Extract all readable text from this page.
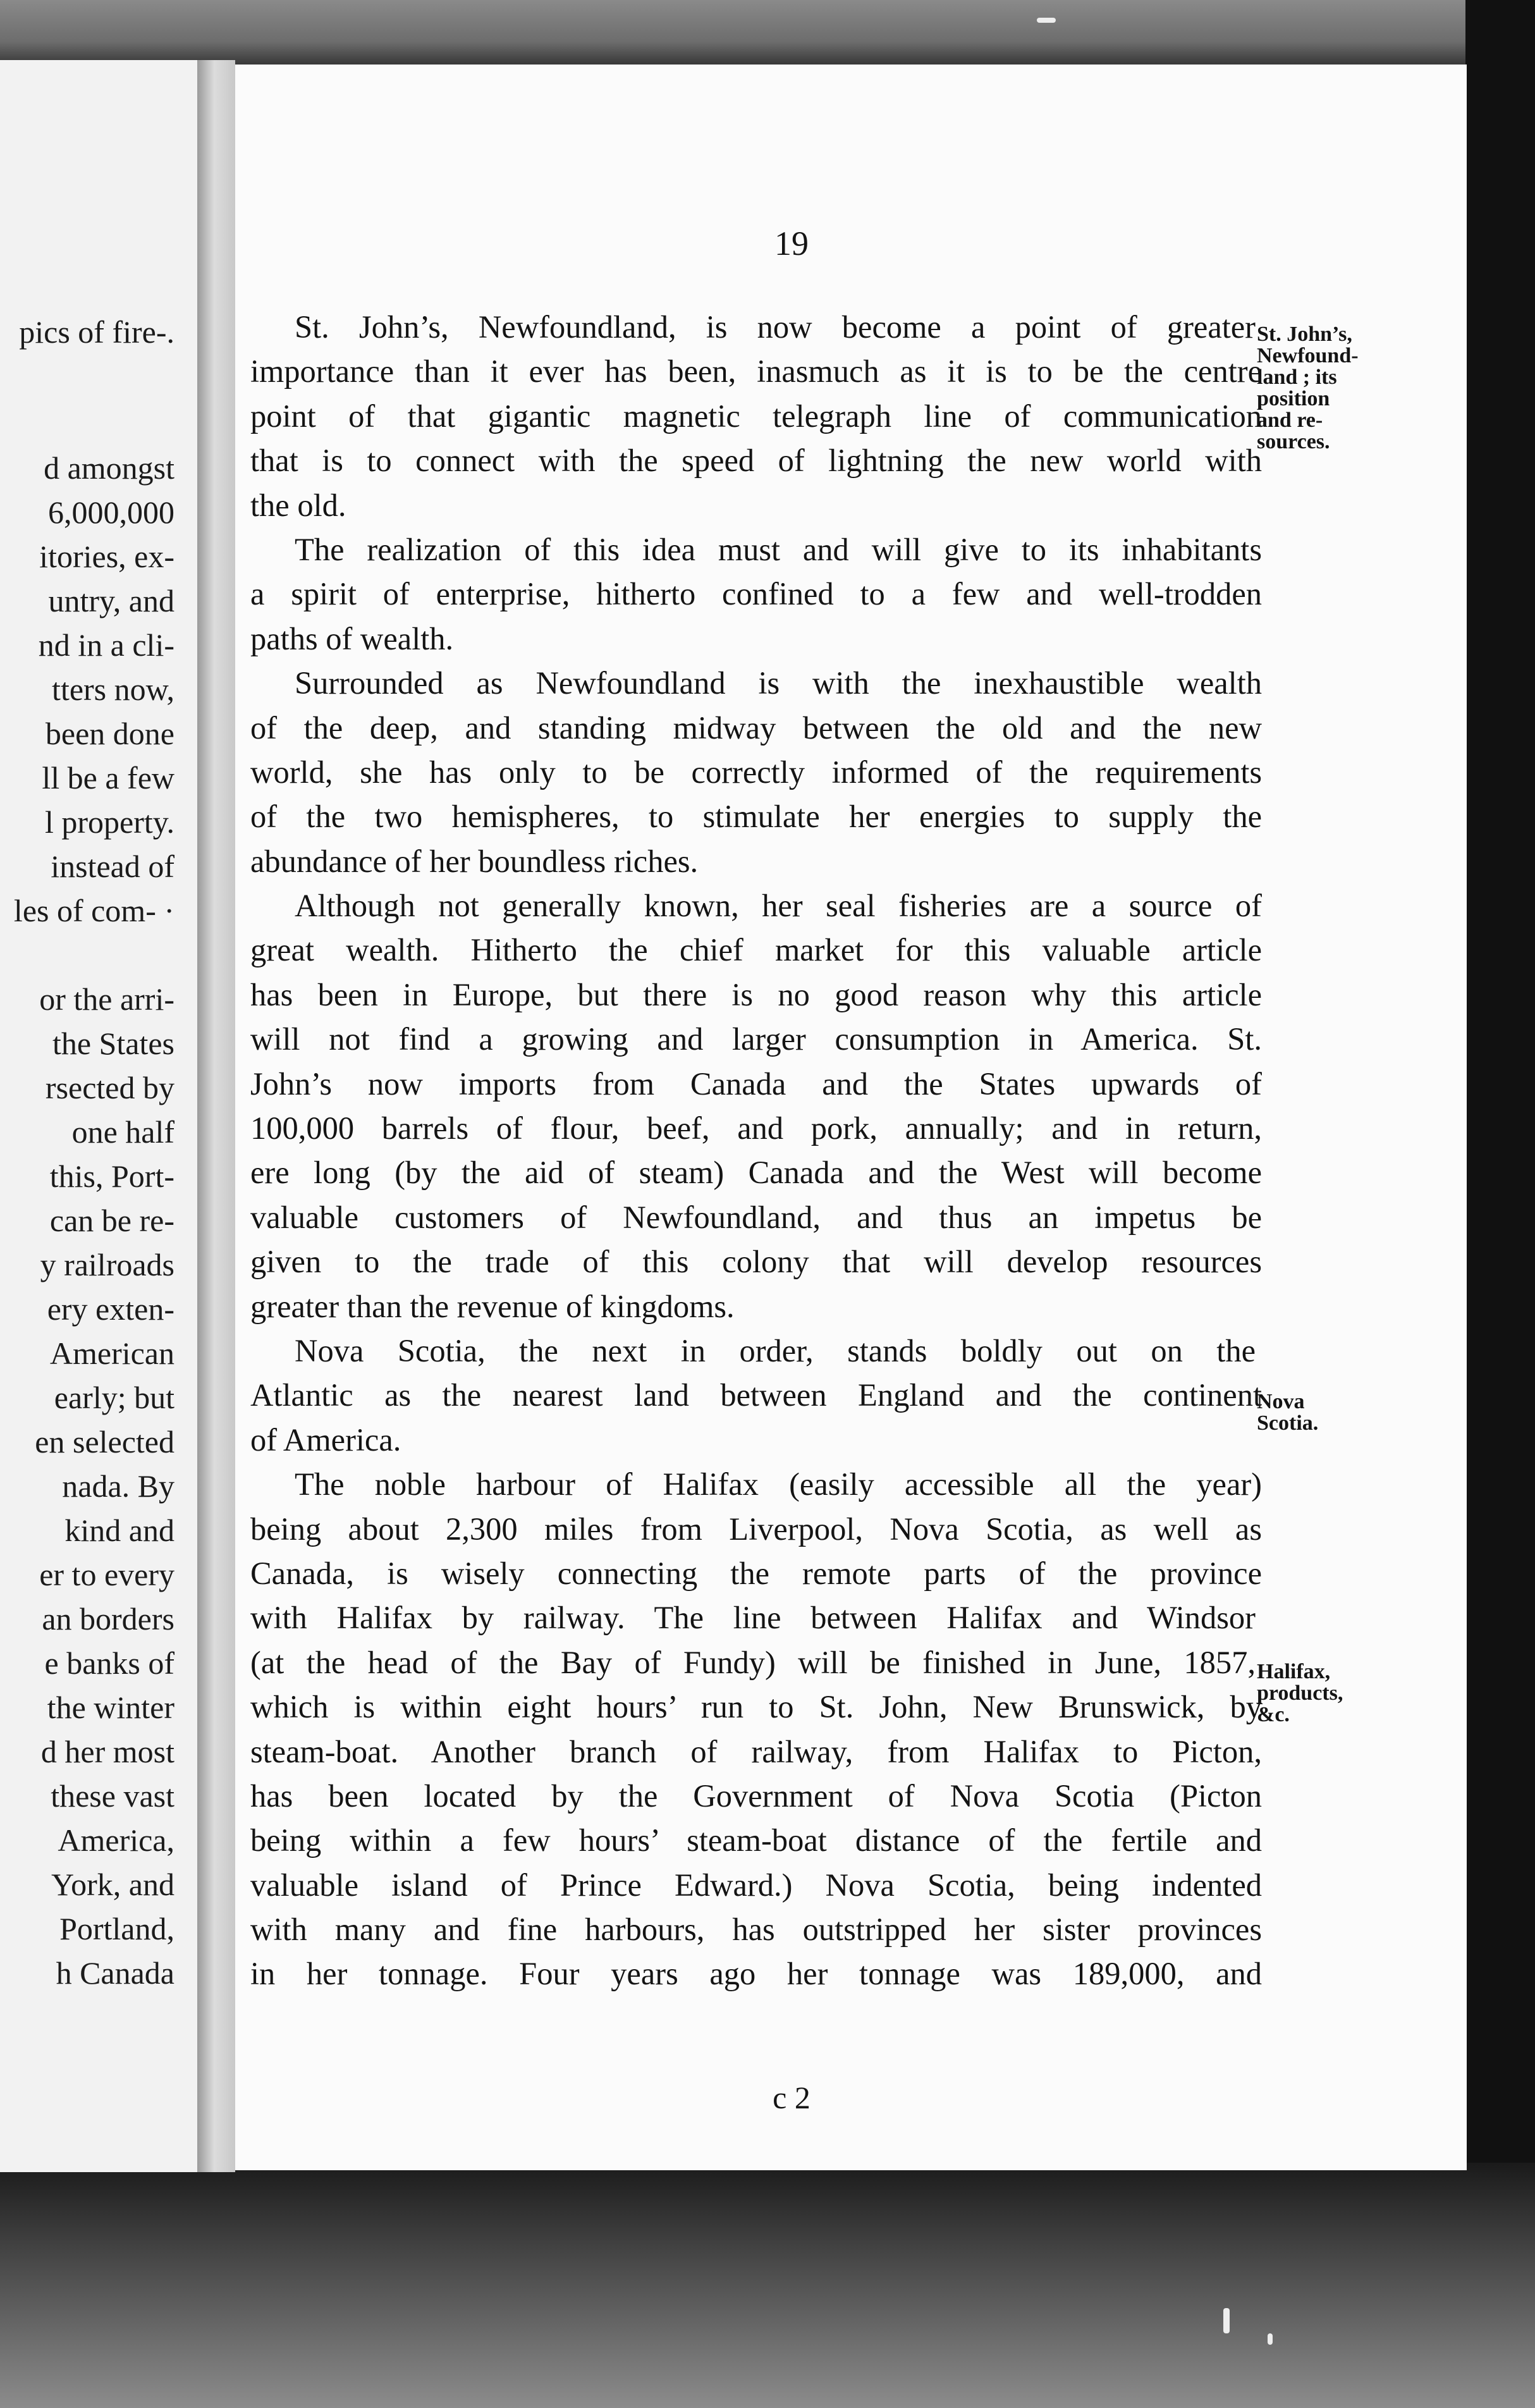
pics of fire-.
d amongst
6,000,000
itories, ex-
untry, and
nd in a cli-
tters now,
been done
ll be a few
l property.
instead of
les of com- ·
or the arri-
the States
rsected by
one half
this, Port-
can be re-
y railroads
ery exten-
American
early; but
en selected
nada. By
kind and
er to every
an borders
e banks of
the winter
d her most
these vast
America,
York, and
Portland,
h Canada
19
St. John’s, Newfoundland, is now become a point of greater
importance than it ever has been, inasmuch as it is to be the centre
point of that gigantic magnetic telegraph line of communication
that is to connect with the speed of lightning the new world with
the old.
The realization of this idea must and will give to its inhabitants
a spirit of enterprise, hitherto confined to a few and well-trodden
paths of wealth.
Surrounded as Newfoundland is with the inexhaustible wealth
of the deep, and standing midway between the old and the new
world, she has only to be correctly informed of the requirements
of the two hemispheres, to stimulate her energies to supply the
abundance of her boundless riches.
Although not generally known, her seal fisheries are a source of
great wealth. Hitherto the chief market for this valuable article
has been in Europe, but there is no good reason why this article
will not find a growing and larger consumption in America. St.
John’s now imports from Canada and the States upwards of
100,000 barrels of flour, beef, and pork, annually; and in return,
ere long (by the aid of steam) Canada and the West will become
valuable customers of Newfoundland, and thus an impetus be
given to the trade of this colony that will develop resources
greater than the revenue of kingdoms.
Nova Scotia, the next in order, stands boldly out on the
Atlantic as the nearest land between England and the continent
of America.
The noble harbour of Halifax (easily accessible all the year)
being about 2,300 miles from Liverpool, Nova Scotia, as well as
Canada, is wisely connecting the remote parts of the province
with Halifax by railway. The line between Halifax and Windsor
(at the head of the Bay of Fundy) will be finished in June, 1857,
which is within eight hours’ run to St. John, New Brunswick, by
steam-boat. Another branch of railway, from Halifax to Picton,
has been located by the Government of Nova Scotia (Picton
being within a few hours’ steam-boat distance of the fertile and
valuable island of Prince Edward.) Nova Scotia, being indented
with many and fine harbours, has outstripped her sister provinces
in her tonnage. Four years ago her tonnage was 189,000, and
St. John’s,
Newfound-
land ; its
position
and re-
sources.
Nova
Scotia.
Halifax,
products,
&c.
c 2
